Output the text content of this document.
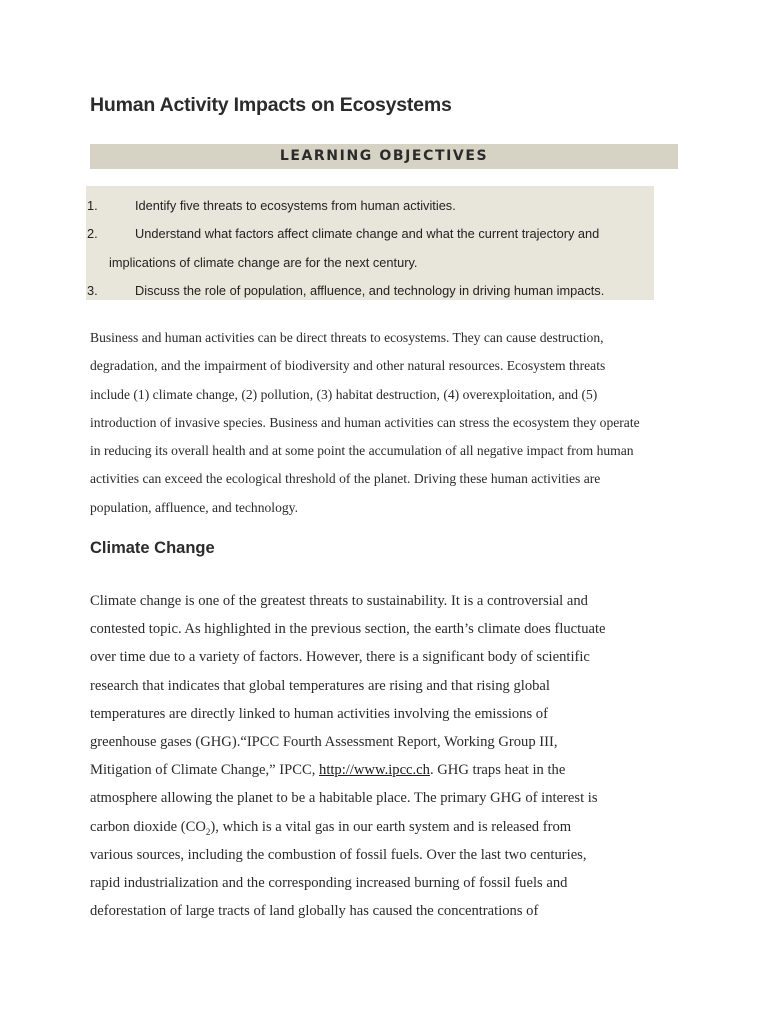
Human Activity Impacts on Ecosystems
LEARNING OBJECTIVES
1.	Identify five threats to ecosystems from human activities.
2.	Understand what factors affect climate change and what the current trajectory and
implications of climate change are for the next century.
3.	Discuss the role of population, affluence, and technology in driving human impacts.
Business and human activities can be direct threats to ecosystems. They can cause destruction,
degradation, and the impairment of biodiversity and other natural resources. Ecosystem threats
include (1) climate change, (2) pollution, (3) habitat destruction, (4) overexploitation, and (5)
introduction of invasive species. Business and human activities can stress the ecosystem they operate
in reducing its overall health and at some point the accumulation of all negative impact from human
activities can exceed the ecological threshold of the planet. Driving these human activities are
population, affluence, and technology.
Climate Change
Climate change is one of the greatest threats to sustainability. It is a controversial and
contested topic. As highlighted in the previous section, the earth’s climate does fluctuate
over time due to a variety of factors. However, there is a significant body of scientific
research that indicates that global temperatures are rising and that rising global
temperatures are directly linked to human activities involving the emissions of
greenhouse gases (GHG).“IPCC Fourth Assessment Report, Working Group III,
Mitigation of Climate Change,” IPCC, http://www.ipcc.ch. GHG traps heat in the
atmosphere allowing the planet to be a habitable place. The primary GHG of interest is
carbon dioxide $(CO_2)$, which is a vital gas in our earth system and is released from
various sources, including the combustion of fossil fuels. Over the last two centuries,
rapid industrialization and the corresponding increased burning of fossil fuels and
deforestation of large tracts of land globally has caused the concentrations of
